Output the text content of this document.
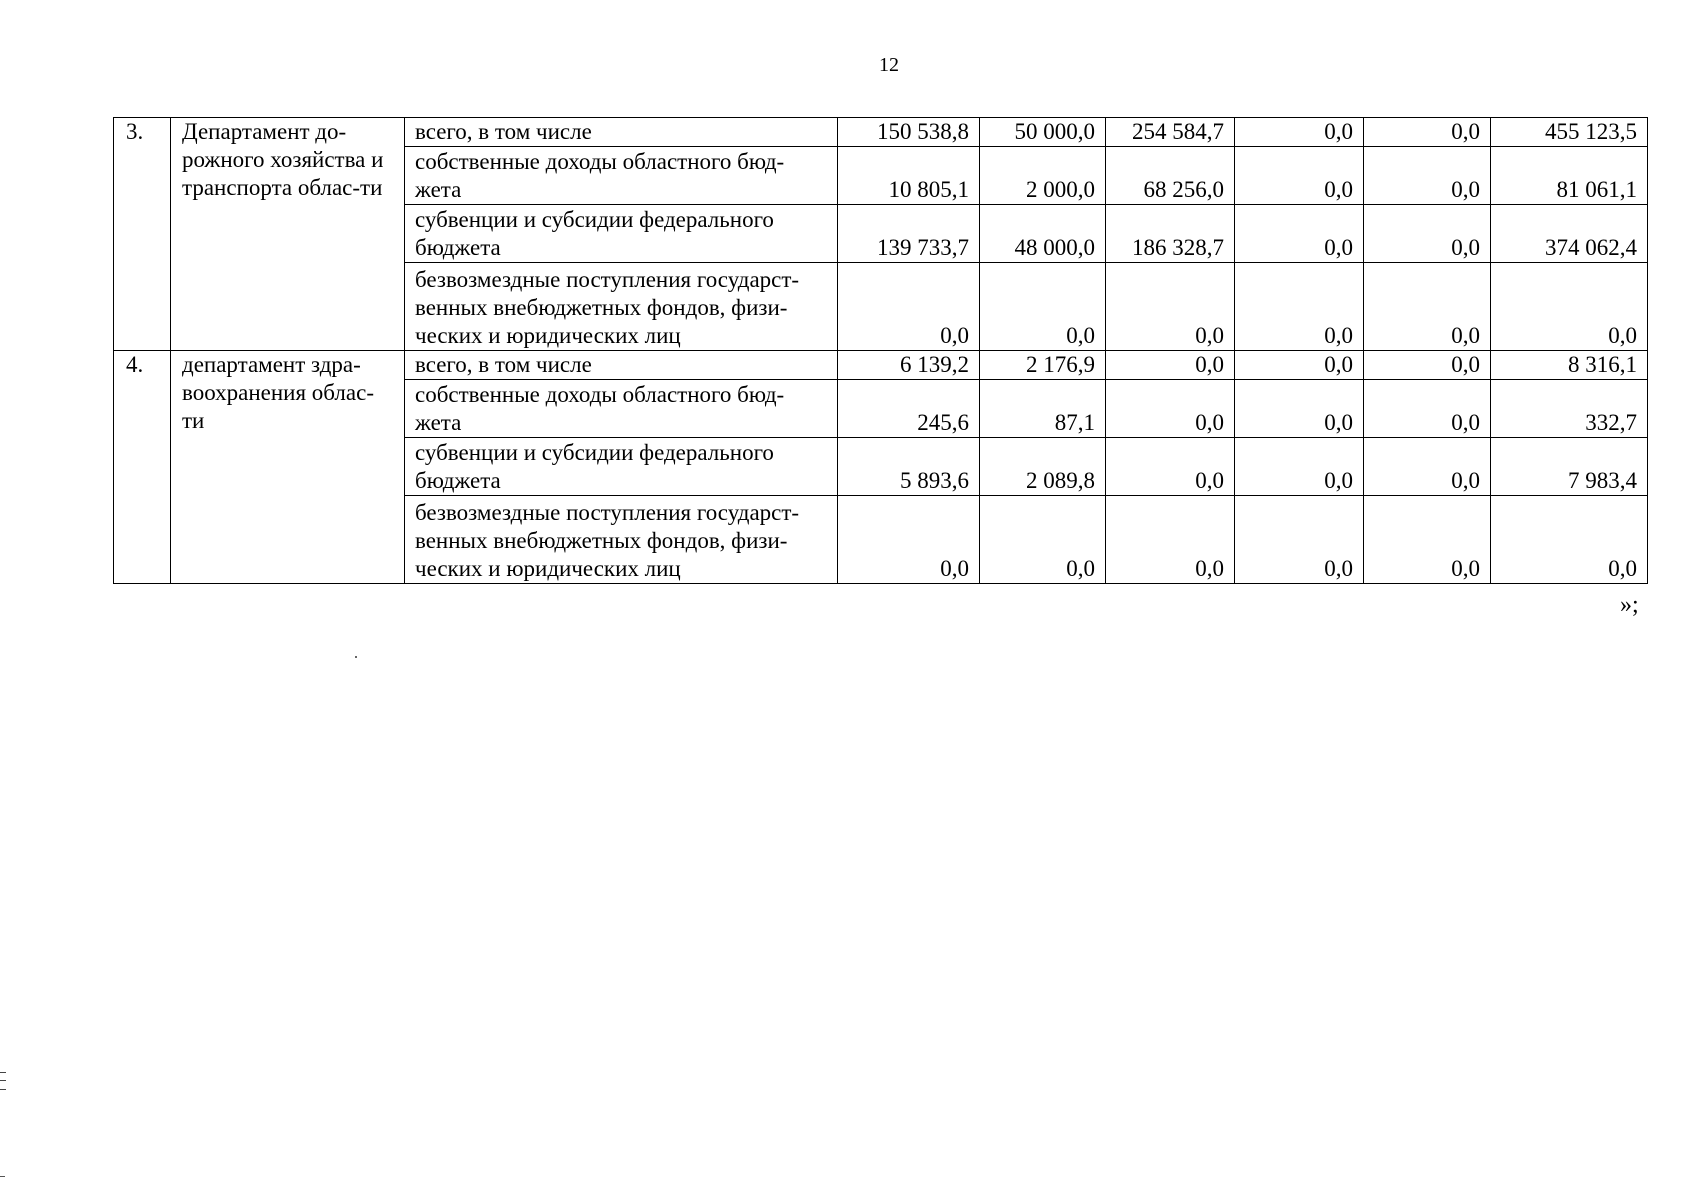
12
3.	Департамент до-рожного хозяйства и транспорта облас-ти	всего, в том числе	150 538,8	50 000,0	254 584,7	0,0	0,0	455 123,5
		собственные доходы областного бюд-жета	10 805,1	2 000,0	68 256,0	0,0	0,0	81 061,1
		субвенции и субсидии федерального бюджета	139 733,7	48 000,0	186 328,7	0,0	0,0	374 062,4
		безвозмездные поступления государст-венных внебюджетных фондов, физи-ческих и юридических лиц	0,0	0,0	0,0	0,0	0,0	0,0
4.	департамент здра-воохранения облас-ти	всего, в том числе	6 139,2	2 176,9	0,0	0,0	0,0	8 316,1
		собственные доходы областного бюд-жета	245,6	87,1	0,0	0,0	0,0	332,7
		субвенции и субсидии федерального бюджета	5 893,6	2 089,8	0,0	0,0	0,0	7 983,4
		безвозмездные поступления государст-венных внебюджетных фондов, физи-ческих и юридических лиц	0,0	0,0	0,0	0,0	0,0	0,0
»;
